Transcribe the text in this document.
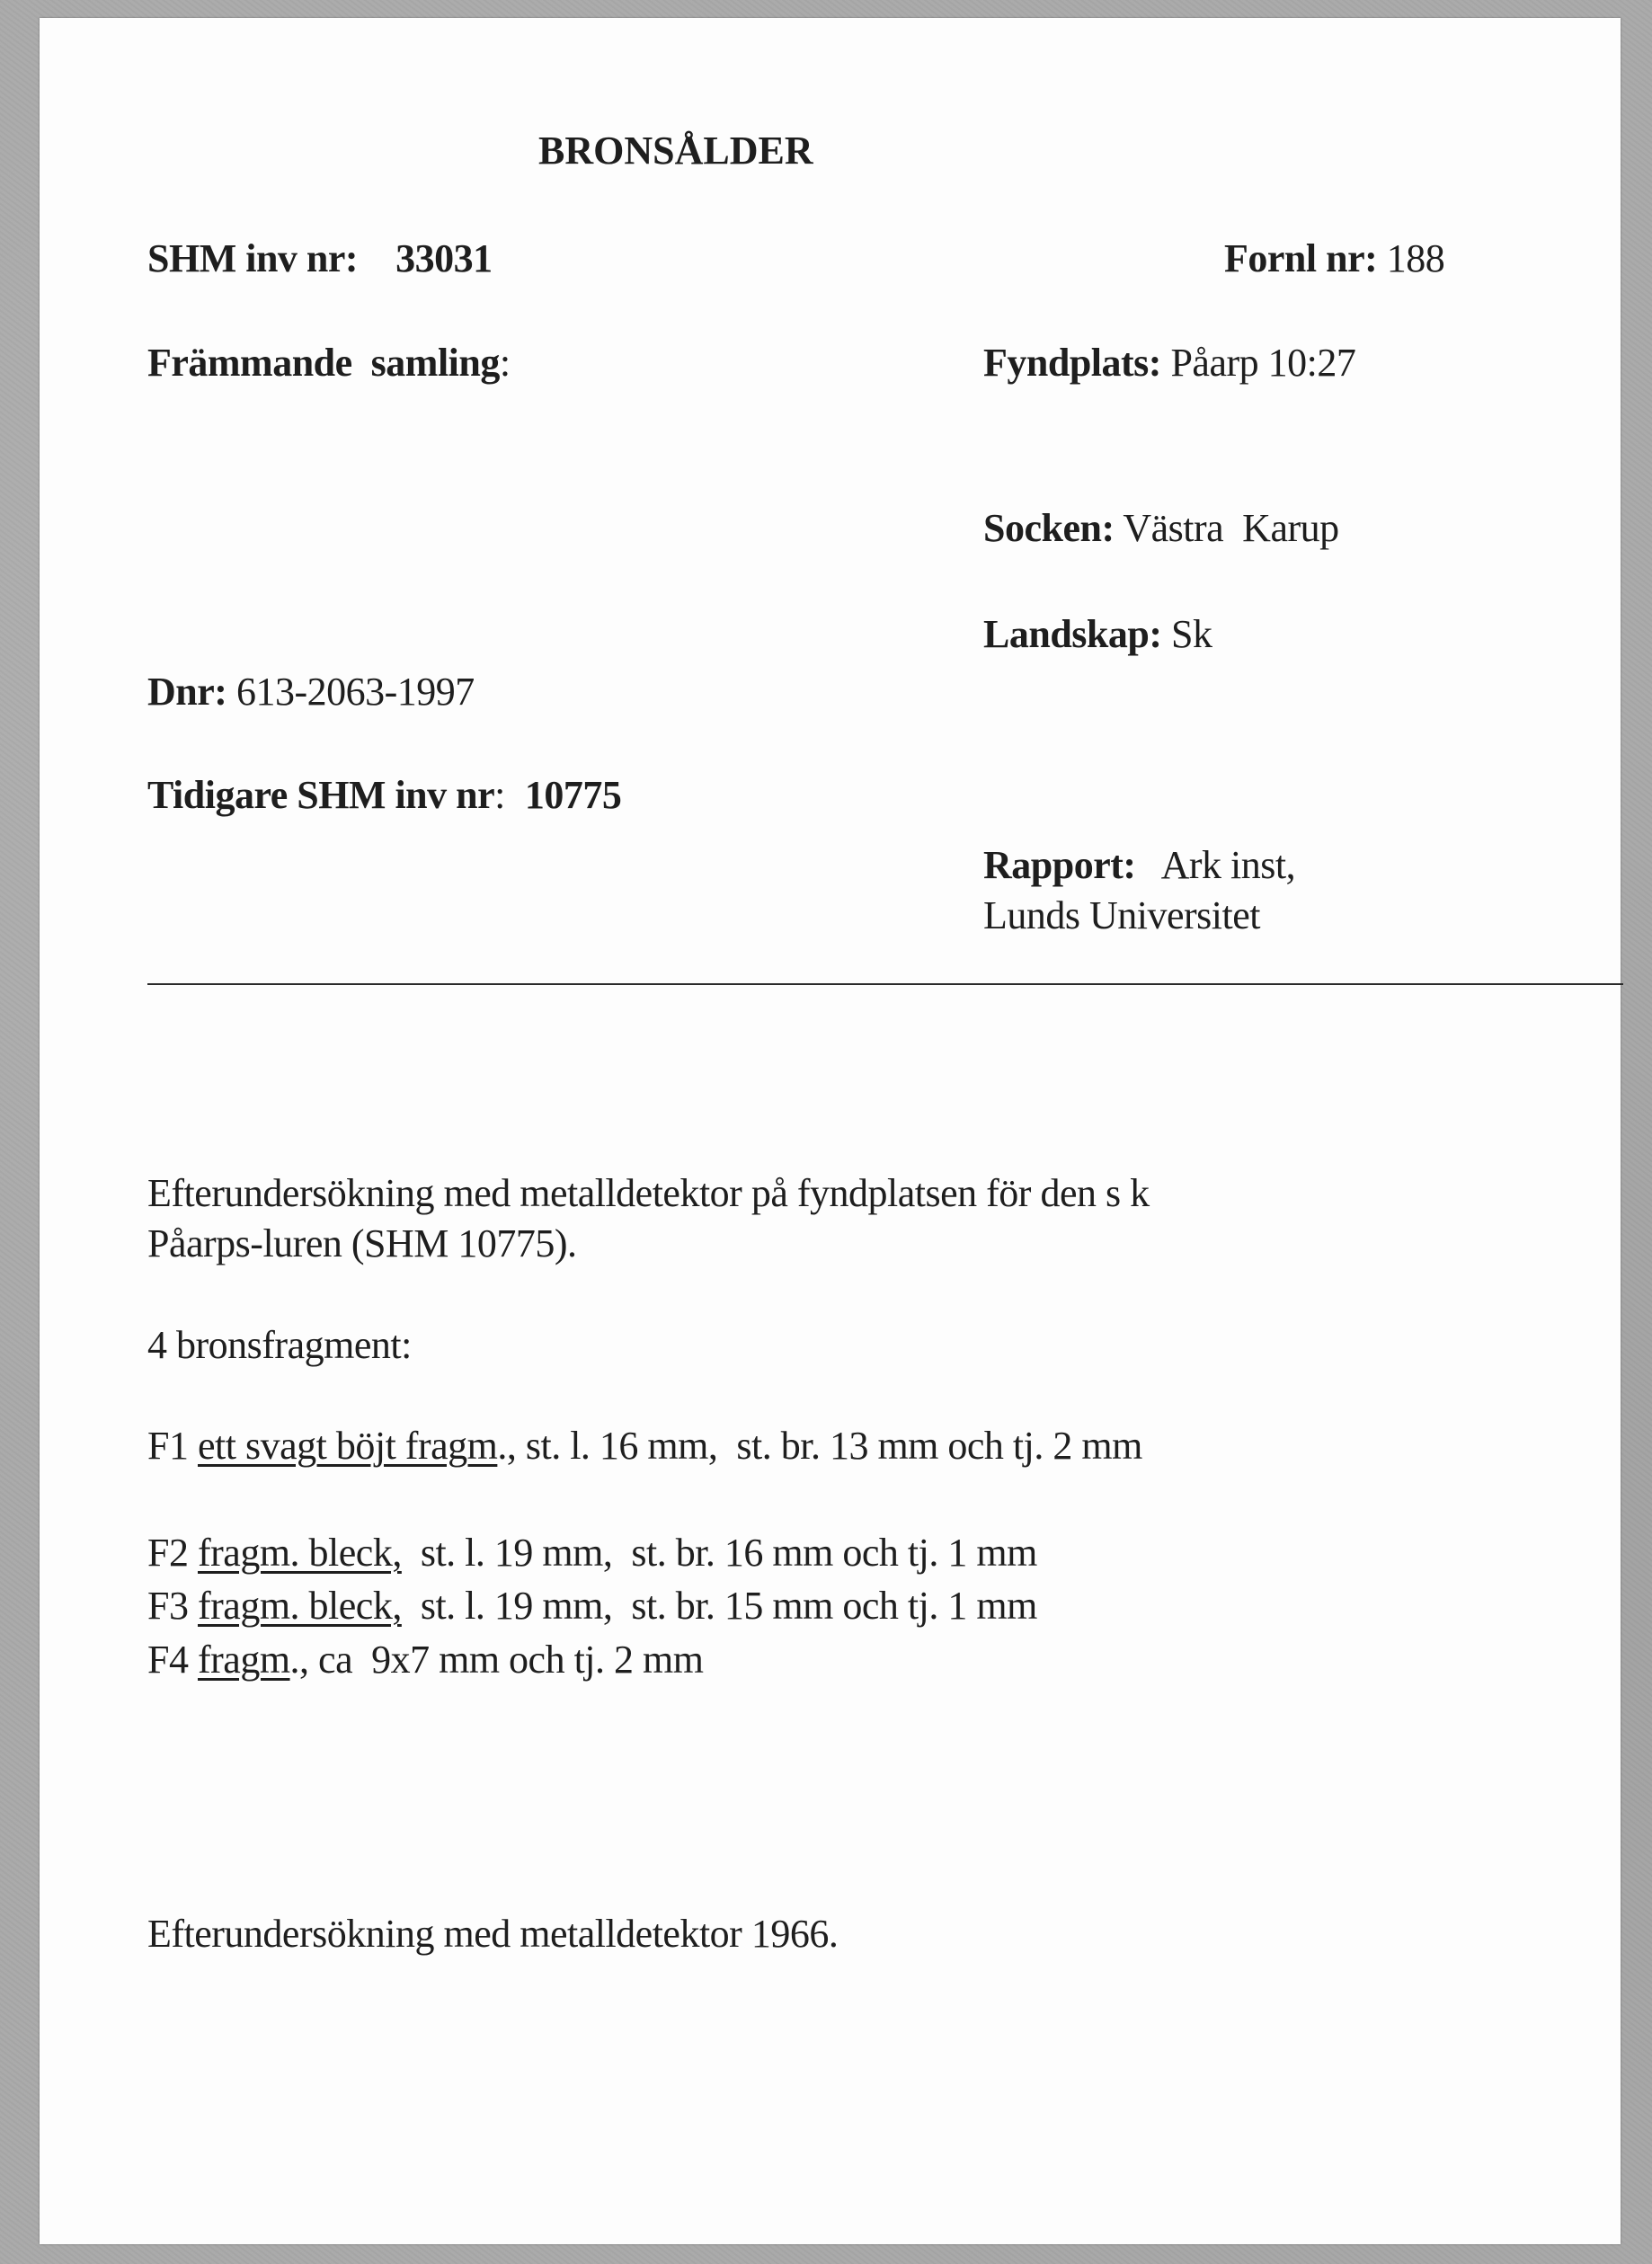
BRONSÅLDER
SHM inv nr: 33031	Fornl nr: 188
Främmande  samling:	Fyndplats: Påarp 10:27
Socken: Västra  Karup
Landskap: Sk
Dnr: 613-2063-1997
Tidigare SHM inv nr: 10775
Rapport: Ark inst,
Lunds Universitet
Efterundersökning med metalldetektor på fyndplatsen för den s k
Påarps-luren (SHM 10775).
4 bronsfragment:
F1 ett svagt böjt fragm., st. l. 16 mm,  st. br. 13 mm och tj. 2 mm
F2 fragm. bleck,  st. l. 19 mm,  st. br. 16 mm och tj. 1 mm
F3 fragm. bleck,  st. l. 19 mm,  st. br. 15 mm och tj. 1 mm
F4 fragm., ca  9x7 mm och tj. 2 mm
Efterundersökning med metalldetektor 1966.
